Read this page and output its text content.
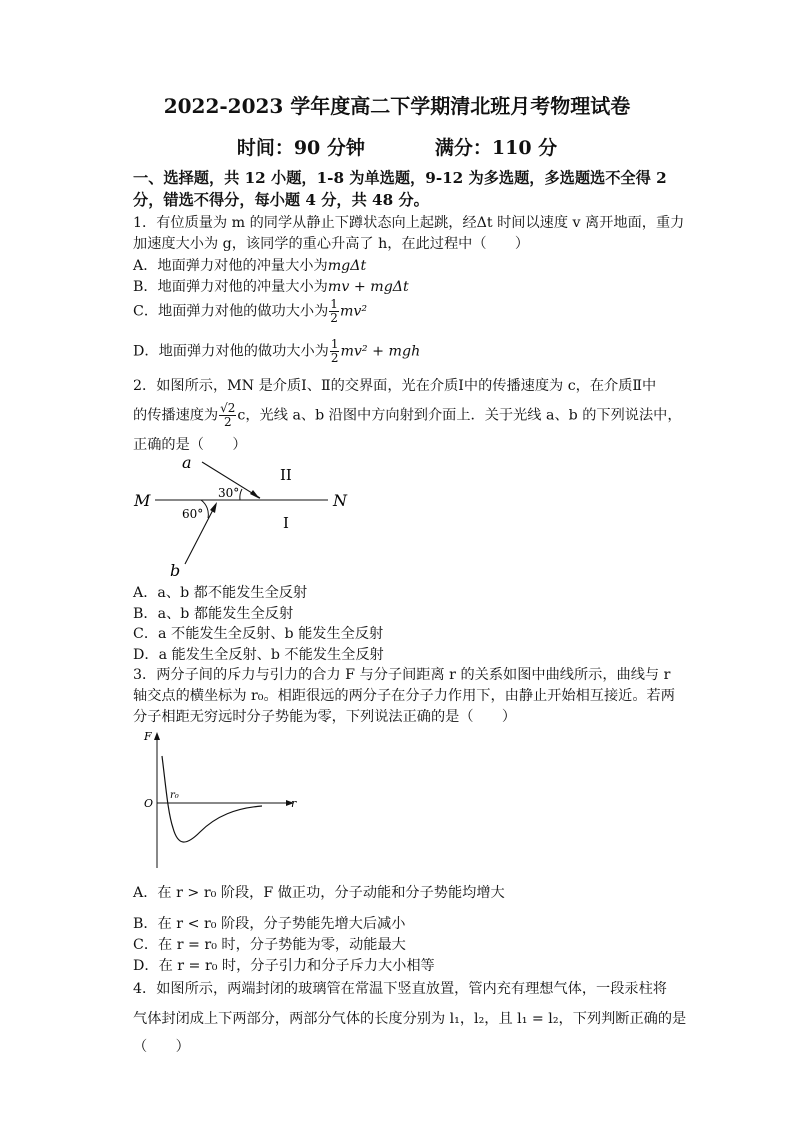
2022-2023 学年度高二下学期清北班月考物理试卷
时间：90 分钟	满分：110 分
一、选择题，共 12 小题，1-8 为单选题，9-12 为多选题，多选题选不全得 2
分，错选不得分，每小题 4 分，共 48 分。
1．有位质量为 m 的同学从静止下蹲状态向上起跳，经Δt 时间以速度 v 离开地面，重力
加速度大小为 g，该同学的重心升高了 h，在此过程中（　　）
A．地面弹力对他的冲量大小为mgΔt
B．地面弹力对他的冲量大小为mv + mgΔt
C．地面弹力对他的做功大小为 $\frac{1}{2} mv^2$
D．地面弹力对他的做功大小为 $\frac{1}{2} mv^2$ + mgh
2．如图所示，MN 是介质Ⅰ、Ⅱ的交界面，光在介质Ⅰ中的传播速度为 c，在介质Ⅱ中
的传播速度为 $\frac{√2}{2}$ c，光线 a、b 沿图中方向射到介面上．关于光线 a、b 的下列说法中，
正确的是（　　）
a
b
M	N
II
I
30°
60°
A．a、b 都不能发生全反射
B．a、b 都能发生全反射
C．a 不能发生全反射、b 能发生全反射
D．a 能发生全反射、b 不能发生全反射
3．两分子间的斥力与引力的合力 F 与分子间距离 r 的关系如图中曲线所示，曲线与 r
轴交点的横坐标为 r₀。相距很远的两分子在分子力作用下，由静止开始相互接近。若两
分子相距无穷远时分子势能为零，下列说法正确的是（　　）
F
O	r
r₀
A．在 r > r₀ 阶段，F 做正功，分子动能和分子势能均增大
B．在 r < r₀ 阶段，分子势能先增大后减小
C．在 r = r₀ 时，分子势能为零，动能最大
D．在 r = r₀ 时，分子引力和分子斥力大小相等
4．如图所示，两端封闭的玻璃管在常温下竖直放置，管内充有理想气体，一段汞柱将
气体封闭成上下两部分，两部分气体的长度分别为 l₁，l₂，且 l₁ = l₂，下列判断正确的是
（　　）
